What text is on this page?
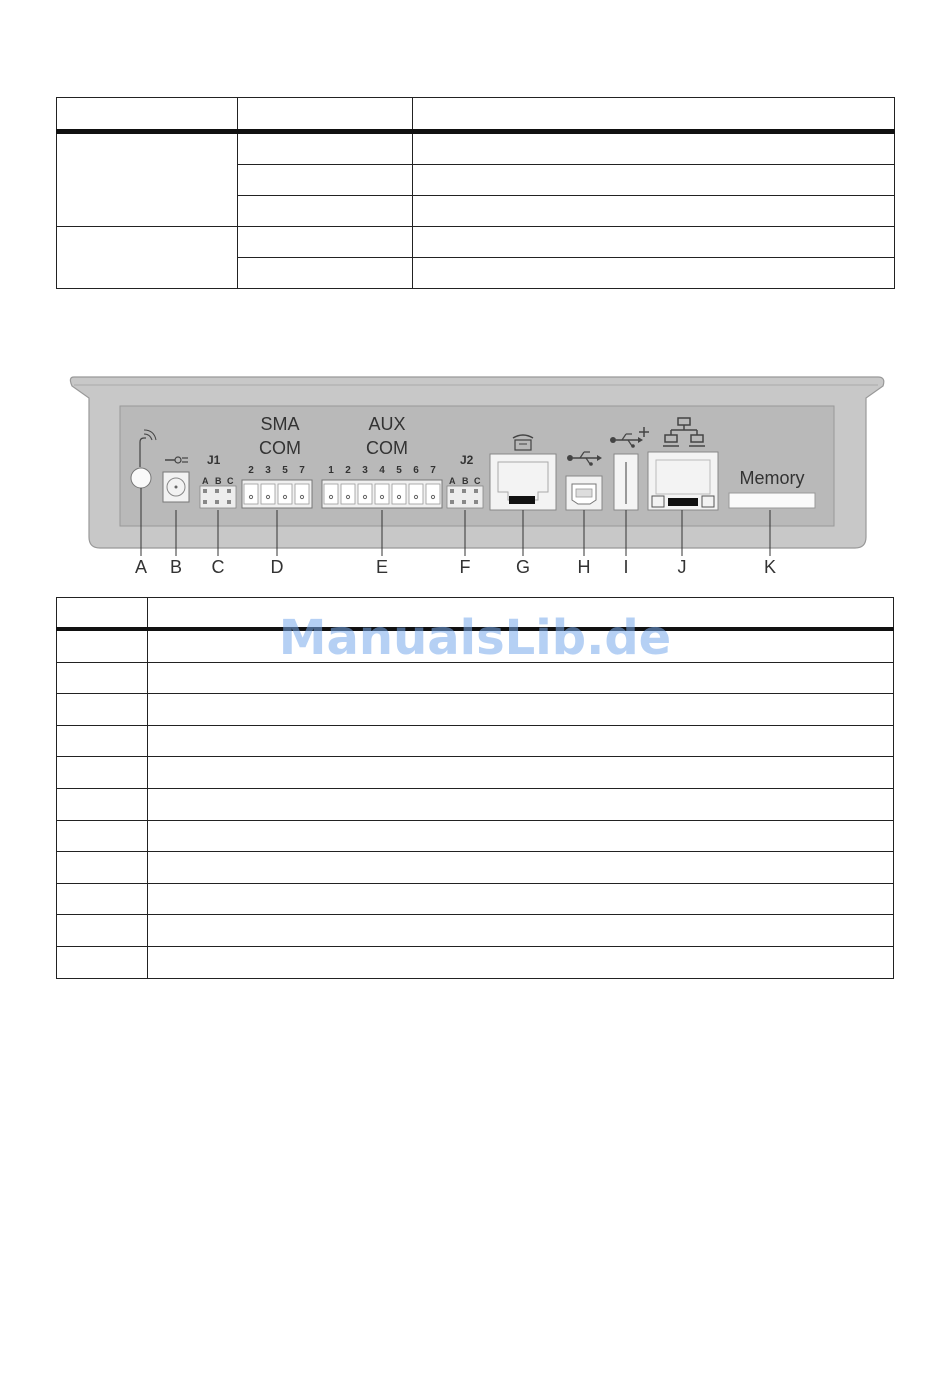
J1
A B C
SMA
COM
2 3 5 7
AUX
COM
1 2 3 4 5 6 7
J2
A B C	Memory
A B C	D	E	F	G	H I	J	K

ManualsLib.de
